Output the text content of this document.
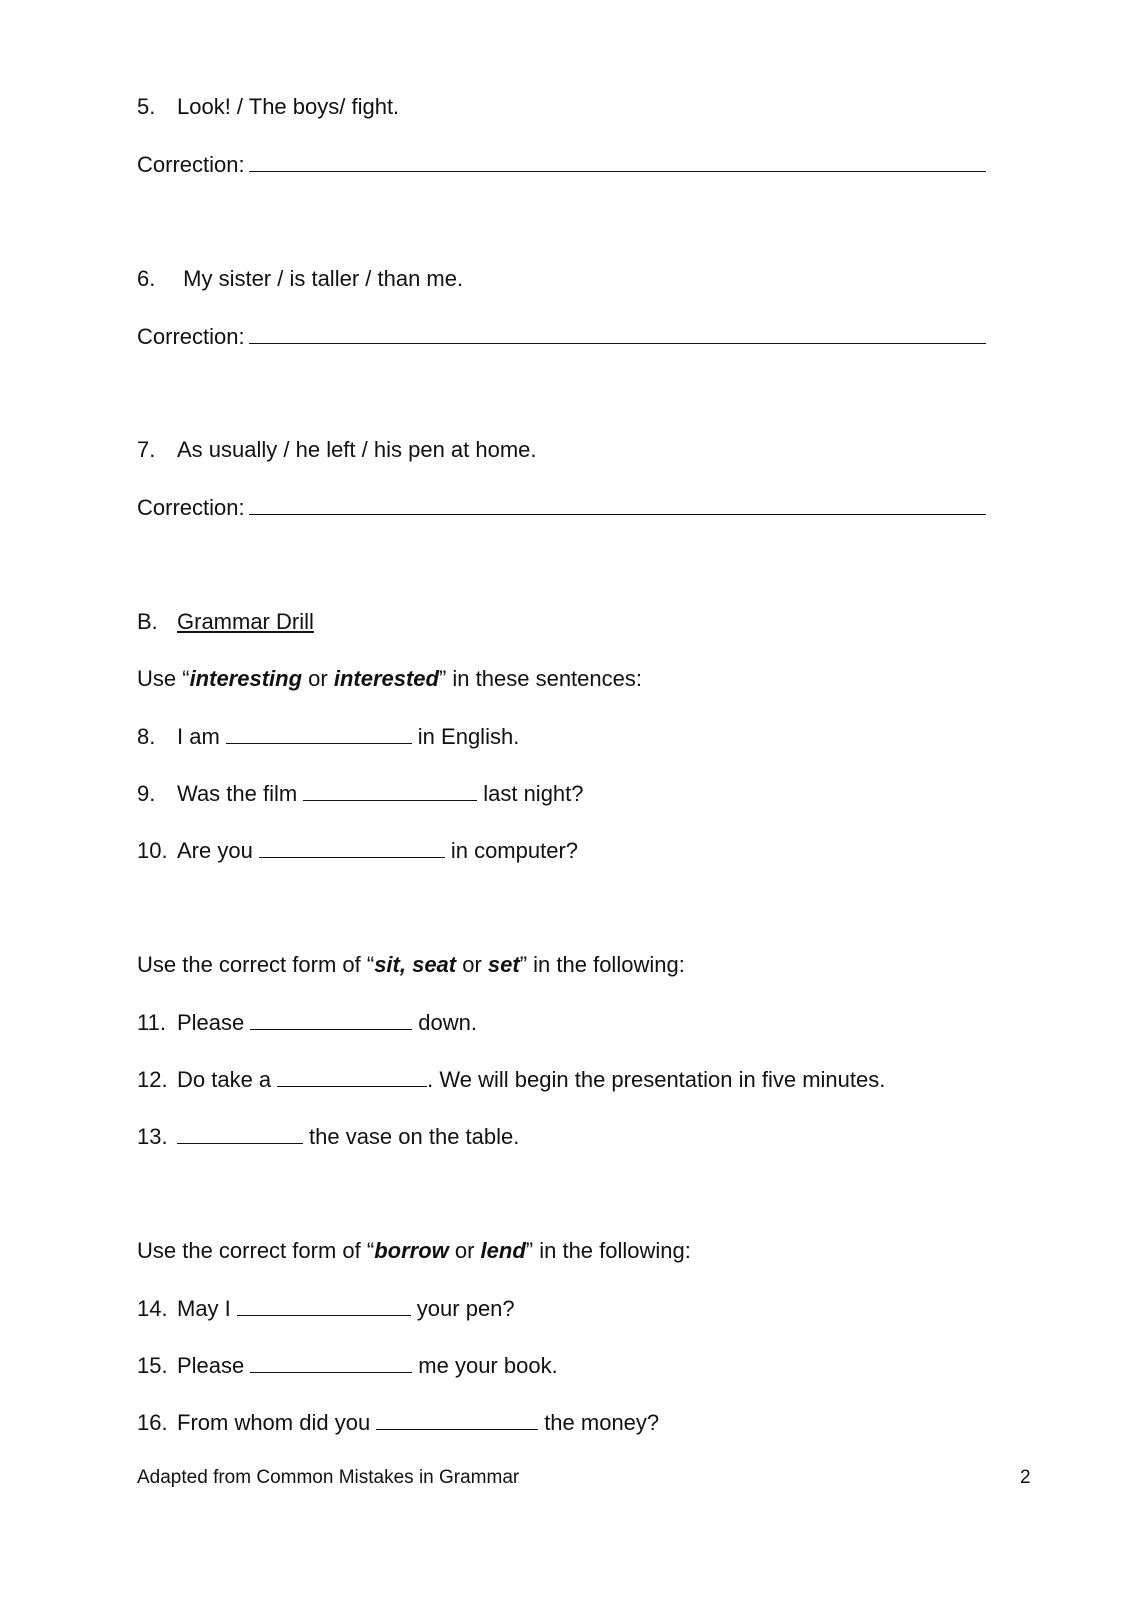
5. Look! / The boys/ fight.
Correction:
6. My sister / is taller / than me.
Correction:
7. As usually / he left / his pen at home.
Correction:
B. Grammar Drill
Use “interesting or interested” in these sentences:
8. I am	in English.
9. Was the film	last night?
10. Are you	in computer?
Use the correct form of “sit, seat or set” in the following:
11. Please	down.
12. Do take a	. We will begin the presentation in five minutes.
13.	the vase on the table.
Use the correct form of “borrow or lend” in the following:
14. May I	your pen?
15. Please	me your book.
16. From whom did you	the money?
Adapted from Common Mistakes in Grammar	2
